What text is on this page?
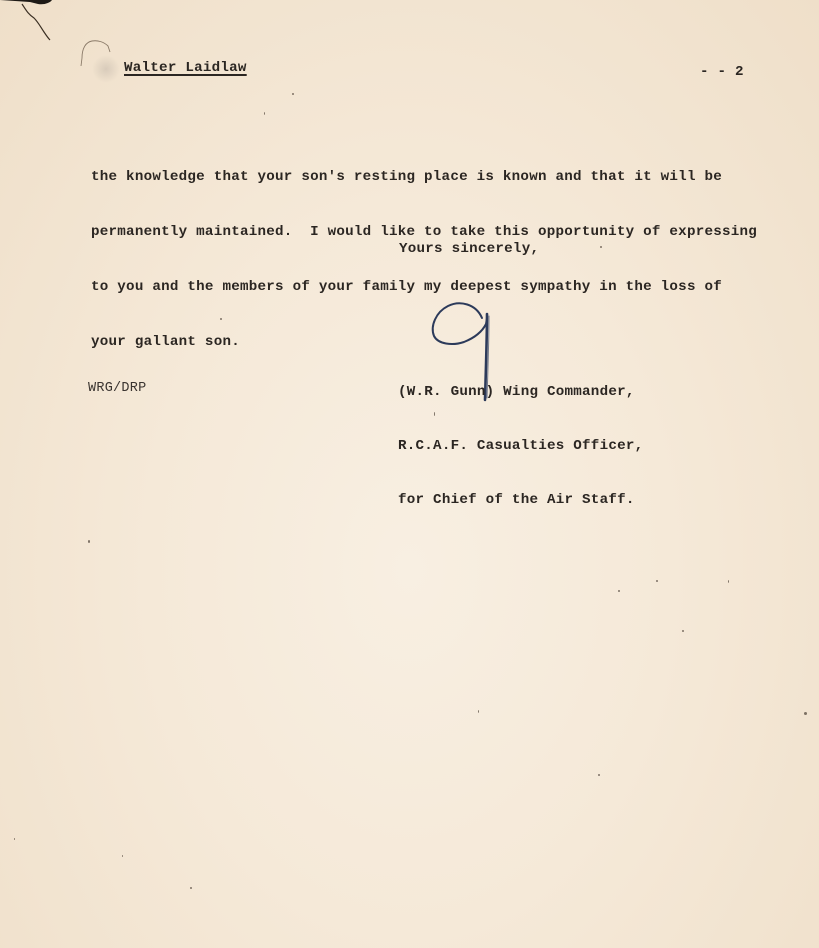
Walter Laidlaw	- - 2

the knowledge that your son's resting place is known and that it will be

permanently maintained.  I would like to take this opportunity of expressing

to you and the members of your family my deepest sympathy in the loss of

your gallant son.

Yours sincerely,

(W.R. Gunn) Wing Commander,

R.C.A.F. Casualties Officer,

for Chief of the Air Staff.

WRG/DRP
